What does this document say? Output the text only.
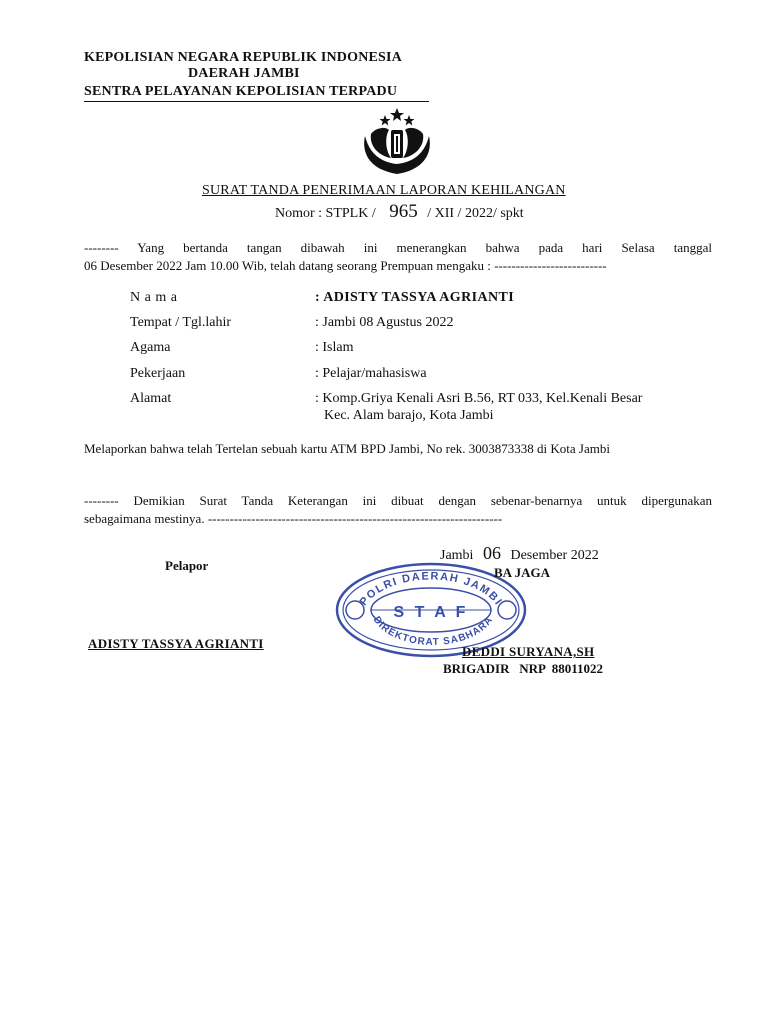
KEPOLISIAN NEGARA REPUBLIK INDONESIA
DAERAH JAMBI
SENTRA PELAYANAN KEPOLISIAN TERPADU
SURAT TANDA PENERIMAAN LAPORAN KEHILANGAN
Nomor : STPLK / 965 / XII / 2022/ spkt
-------- Yang bertanda tangan dibawah ini menerangkan bahwa pada hari Selasa tanggal
06 Desember 2022 Jam 10.00 Wib, telah datang seorang Prempuan mengaku : --------------------------
N a m a	: ADISTY TASSYA AGRIANTI
Tempat / Tgl.lahir	: Jambi 08 Agustus 2022
Agama	: Islam
Pekerjaan	: Pelajar/mahasiswa
Alamat	: Komp.Griya Kenali Asri B.56, RT 033, Kel.Kenali Besar
Kec. Alam barajo, Kota Jambi
Melaporkan bahwa telah Tertelan sebuah kartu ATM BPD Jambi, No rek. 3003873338 di Kota Jambi
-------- Demikian Surat Tanda Keterangan ini dibuat dengan sebenar-benarnya untuk dipergunakan
sebagaimana mestinya. --------------------------------------------------------------------
Jambi 06 Desember 2022
Pelapor
ADISTY TASSYA AGRIANTI
POLRI DAERAH JAMBI
S T A F
DIREKTORAT SABHARA
BA JAGA
DEDDI SURYANA,SH
BRIGADIR   NRP  88011022
